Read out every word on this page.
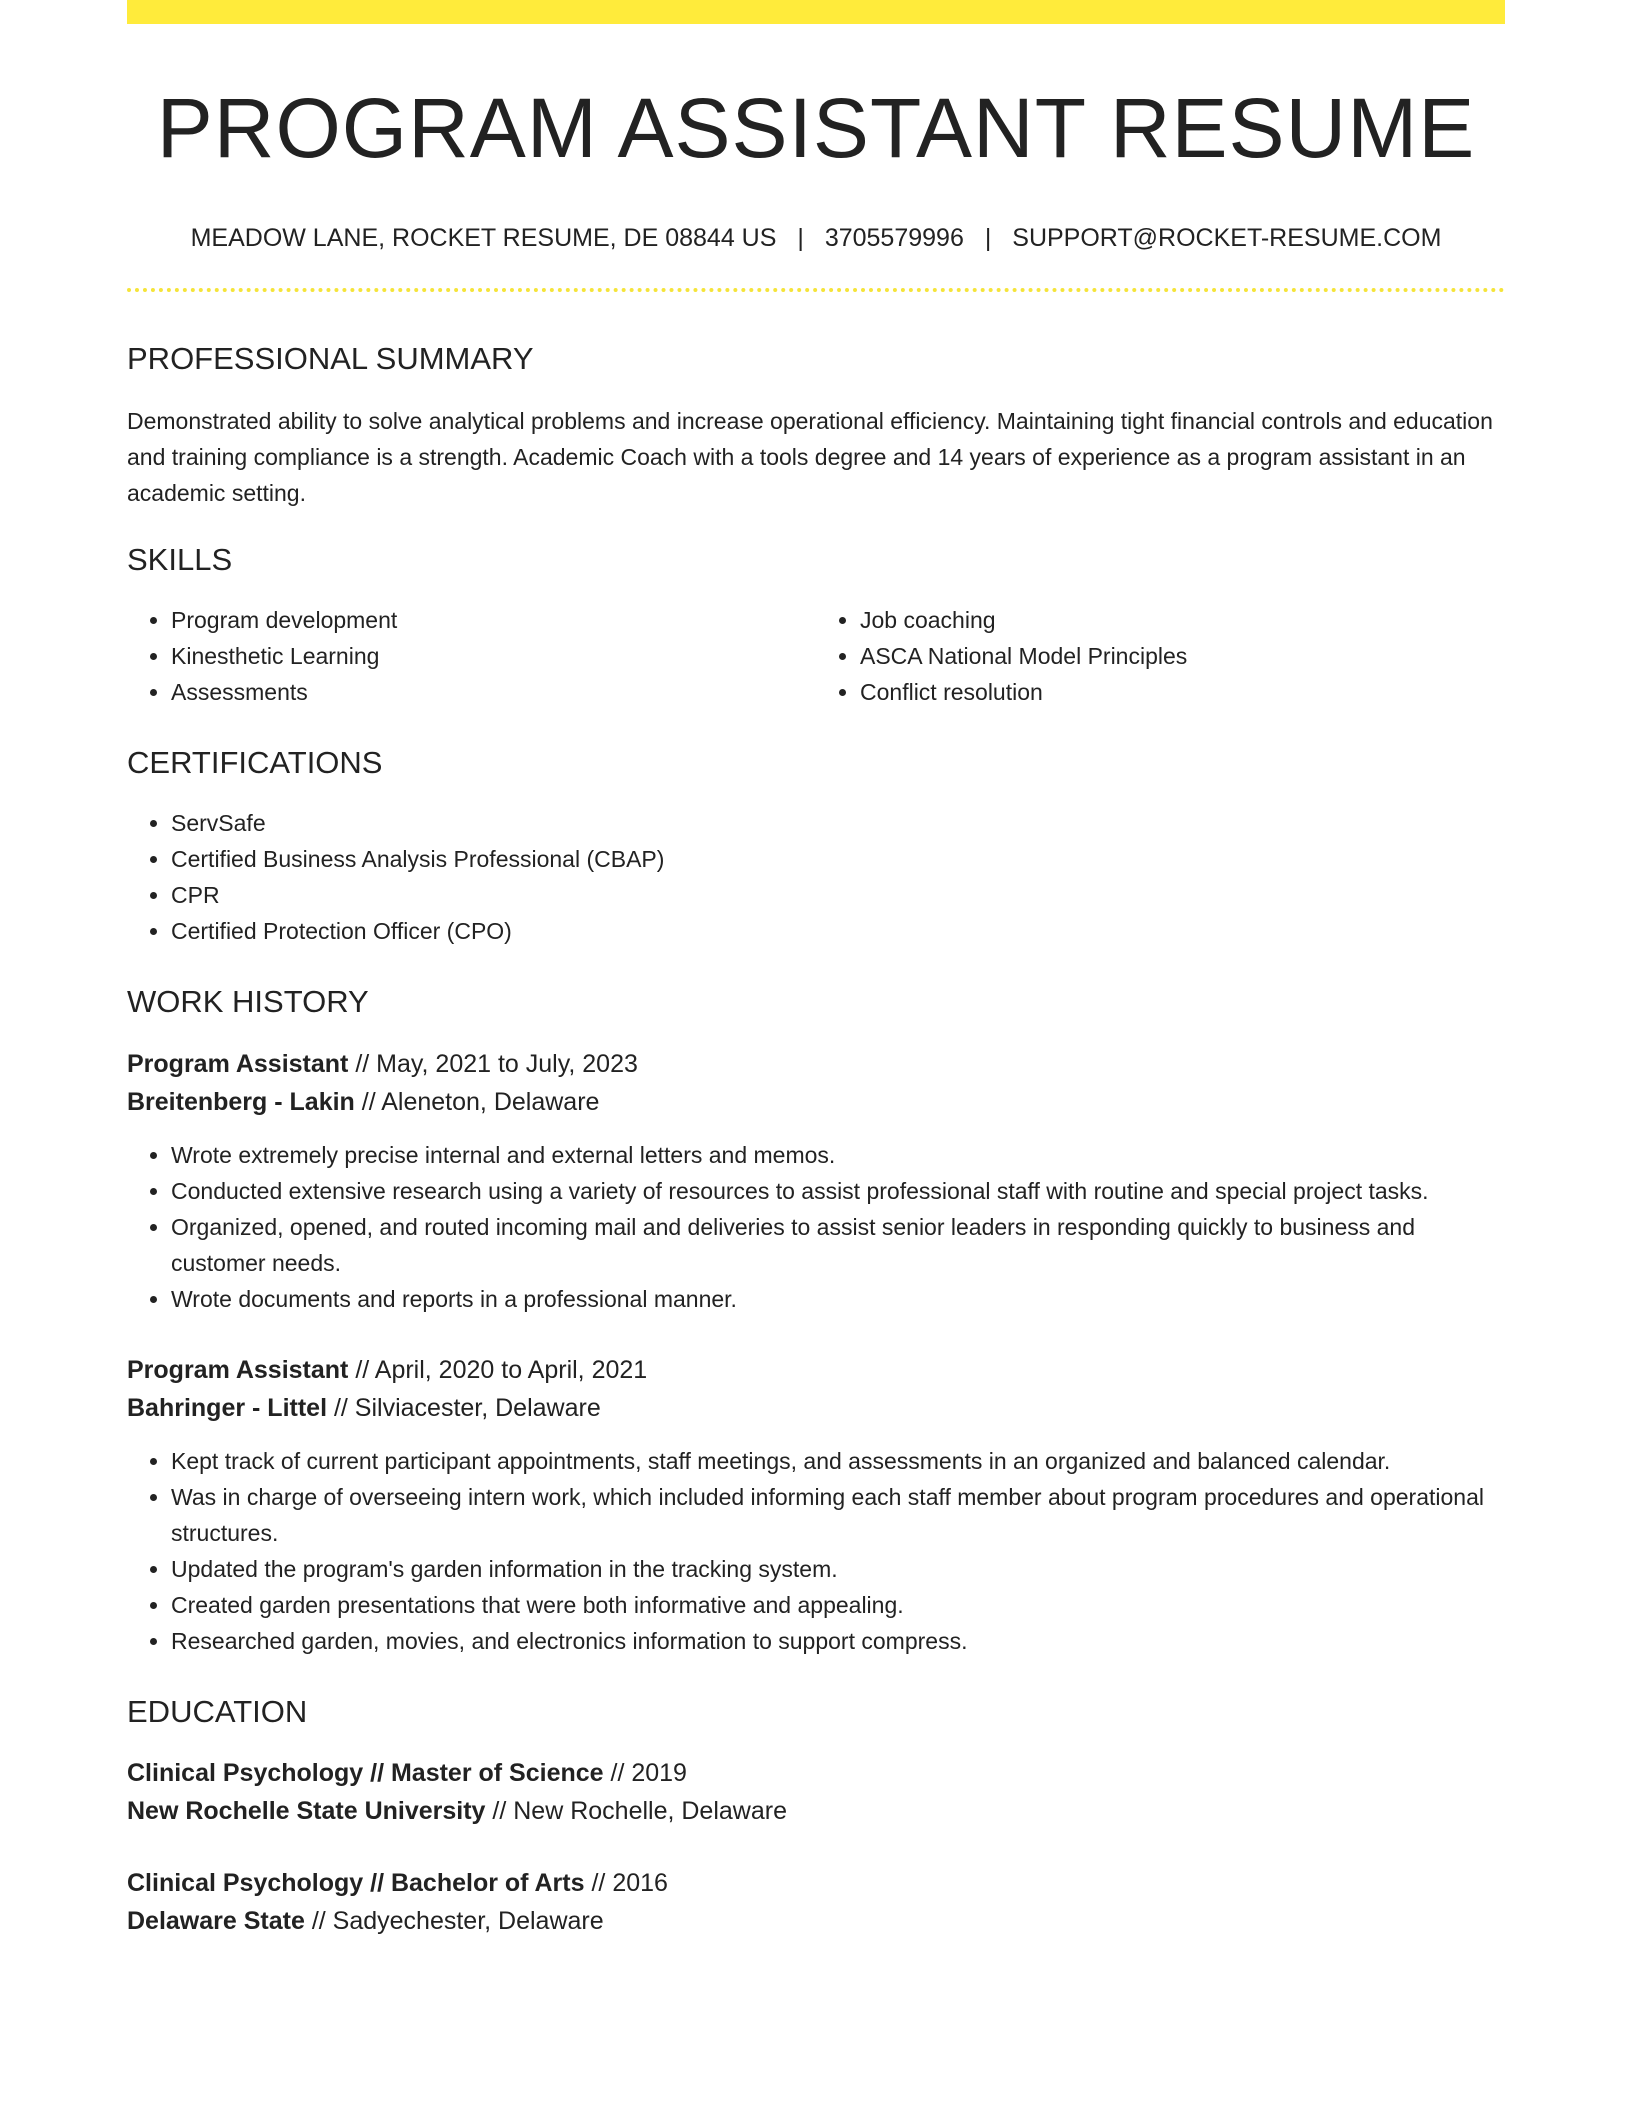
PROGRAM ASSISTANT RESUME
MEADOW LANE, ROCKET RESUME, DE 08844 US | 3705579996 | SUPPORT@ROCKET-RESUME.COM
PROFESSIONAL SUMMARY

Demonstrated ability to solve analytical problems and increase operational efficiency. Maintaining tight financial controls and education and training compliance is a strength. Academic Coach with a tools degree and 14 years of experience as a program assistant in an academic setting.

SKILLS
• Program development
• Kinesthetic Learning
• Assessments
• Job coaching
• ASCA National Model Principles
• Conflict resolution
CERTIFICATIONS
• ServSafe
• Certified Business Analysis Professional (CBAP)
• CPR
• Certified Protection Officer (CPO)
WORK HISTORY
Program Assistant // May, 2021 to July, 2023
Breitenberg - Lakin // Aleneton, Delaware
• Wrote extremely precise internal and external letters and memos.
• Conducted extensive research using a variety of resources to assist professional staff with routine and special project tasks.
• Organized, opened, and routed incoming mail and deliveries to assist senior leaders in responding quickly to business and customer needs.
• Wrote documents and reports in a professional manner.
Program Assistant // April, 2020 to April, 2021
Bahringer - Littel // Silviacester, Delaware
• Kept track of current participant appointments, staff meetings, and assessments in an organized and balanced calendar.
• Was in charge of overseeing intern work, which included informing each staff member about program procedures and operational structures.
• Updated the program's garden information in the tracking system.
• Created garden presentations that were both informative and appealing.
• Researched garden, movies, and electronics information to support compress.
EDUCATION
Clinical Psychology // Master of Science // 2019
New Rochelle State University // New Rochelle, Delaware
Clinical Psychology // Bachelor of Arts // 2016
Delaware State // Sadyechester, Delaware
